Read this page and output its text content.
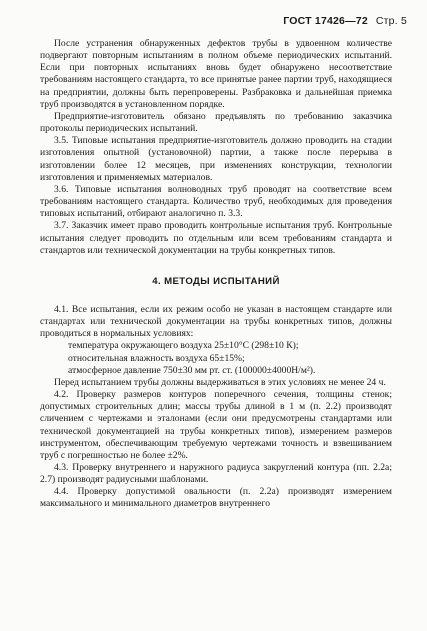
ГОСТ 17426—72 Стр. 5

После устранения обнаруженных дефектов трубы в удвоенном количестве подвергают повторным испытаниям в полном объеме периодических испытаний. Если при повторных испытаниях вновь будет обнаружено несоответствие требованиям настоящего стандарта, то все принятые ранее партии труб, находящиеся на предприятии, должны быть перепроверены. Разбраковка и дальнейшая приемка труб производятся в установленном порядке.

Предприятие-изготовитель обязано предъявлять по требованию заказчика протоколы периодических испытаний.

3.5. Типовые испытания предприятие-изготовитель должно проводить на стадии изготовления опытной (установочной) партии, а также после перерыва в изготовлении более 12 месяцев, при изменениях конструкции, технологии изготовления и применяемых материалов.

3.6. Типовые испытания волноводных труб проводят на соответствие всем требованиям настоящего стандарта. Количество труб, необходимых для проведения типовых испытаний, отбирают аналогично п. 3.3.

3.7. Заказчик имеет право проводить контрольные испытания труб. Контрольные испытания следует проводить по отдельным или всем требованиям стандарта и стандартов или технической документации на трубы конкретных типов.

4. МЕТОДЫ ИСПЫТАНИЙ

4.1. Все испытания, если их режим особо не указан в настоящем стандарте или стандартах или технической документации на трубы конкретных типов, должны проводиться в нормальных условиях:

температура окружающего воздуха 25±10°C (298±10 К);

относительная влажность воздуха 65±15%;

атмосферное давление 750±30 мм рт. ст. (100000±4000Н/м²).

Перед испытанием трубы должны выдерживаться в этих условиях не менее 24 ч.

4.2. Проверку размеров контуров поперечного сечения, толщины стенок; допустимых строительных длин; массы трубы длиной в 1 м (п. 2.2) производят сличением с чертежами и эталонами (если они предусмотрены стандартами или технической документацией на трубы конкретных типов), измерением размеров инструментом, обеспечивающим требуемую чертежами точность и взвешиванием труб с погрешностью не более ±2%.

4.3. Проверку внутреннего и наружного радиуса закруглений контура (пп. 2.2а; 2.7) производят радиусными шаблонами.

4.4. Проверку допустимой овальности (п. 2.2а) производят измерением максимального и минимального диаметров внутреннего
